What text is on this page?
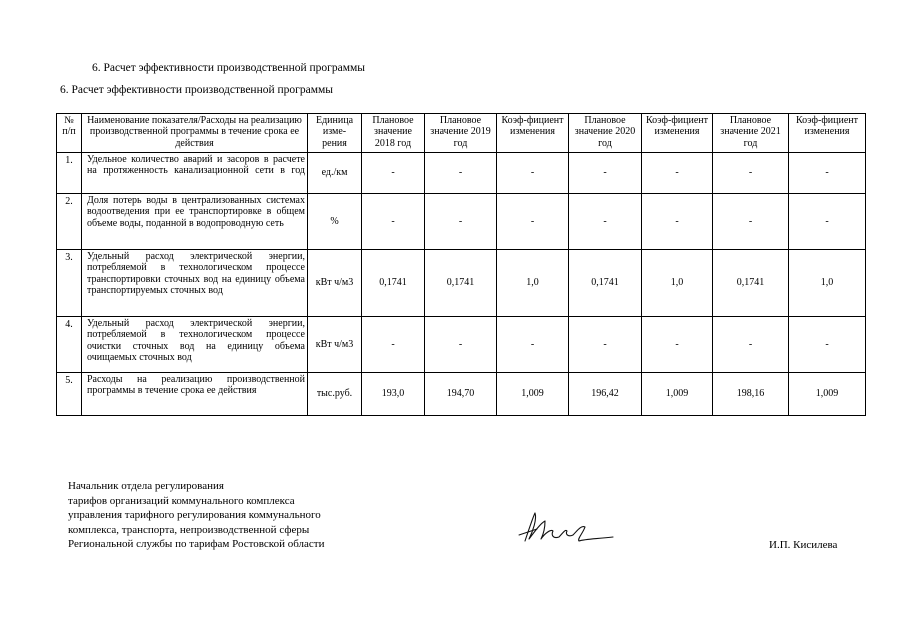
6. Расчет эффективности производственной программы
6. Расчет эффективности производственной программы
№ п/п	Наименование показателя/Расходы на реализацию производственной программы в течение срока ее действия	Единица изме-рения	Плановое значение 2018 год	Плановое значение 2019 год	Коэф-фициент изменения	Плановое значение 2020 год	Коэф-фициент изменения	Плановое значение 2021 год	Коэф-фициент изменения
1.	Удельное количество аварий и засоров в расчете на протяженность канализационной сети в год	ед./км	-	-	-	-	-	-	-
2.	Доля потерь воды в централизованных системах водоотведения при ее транспортировке в общем объеме воды, поданной в водопроводную сеть	%	-	-	-	-	-	-	-
3.	Удельный расход электрической энергии, потребляемой в технологическом процессе транспортировки сточных вод на единицу объема транспортируемых сточных вод	кВт ч/м3	0,1741	0,1741	1,0	0,1741	1,0	0,1741	1,0
4.	Удельный расход электрической энергии, потребляемой в технологическом процессе очистки сточных вод на единицу объема очищаемых сточных вод	кВт ч/м3	-	-	-	-	-	-	-
5.	Расходы на реализацию производственной программы в течение срока ее действия	тыс.руб.	193,0	194,70	1,009	196,42	1,009	198,16	1,009
Начальник отдела регулирования
тарифов организаций коммунального комплекса
управления тарифного регулирования коммунального
комплекса, транспорта, непроизводственной сферы
Региональной службы по тарифам Ростовской области	И.П. Кисилева
